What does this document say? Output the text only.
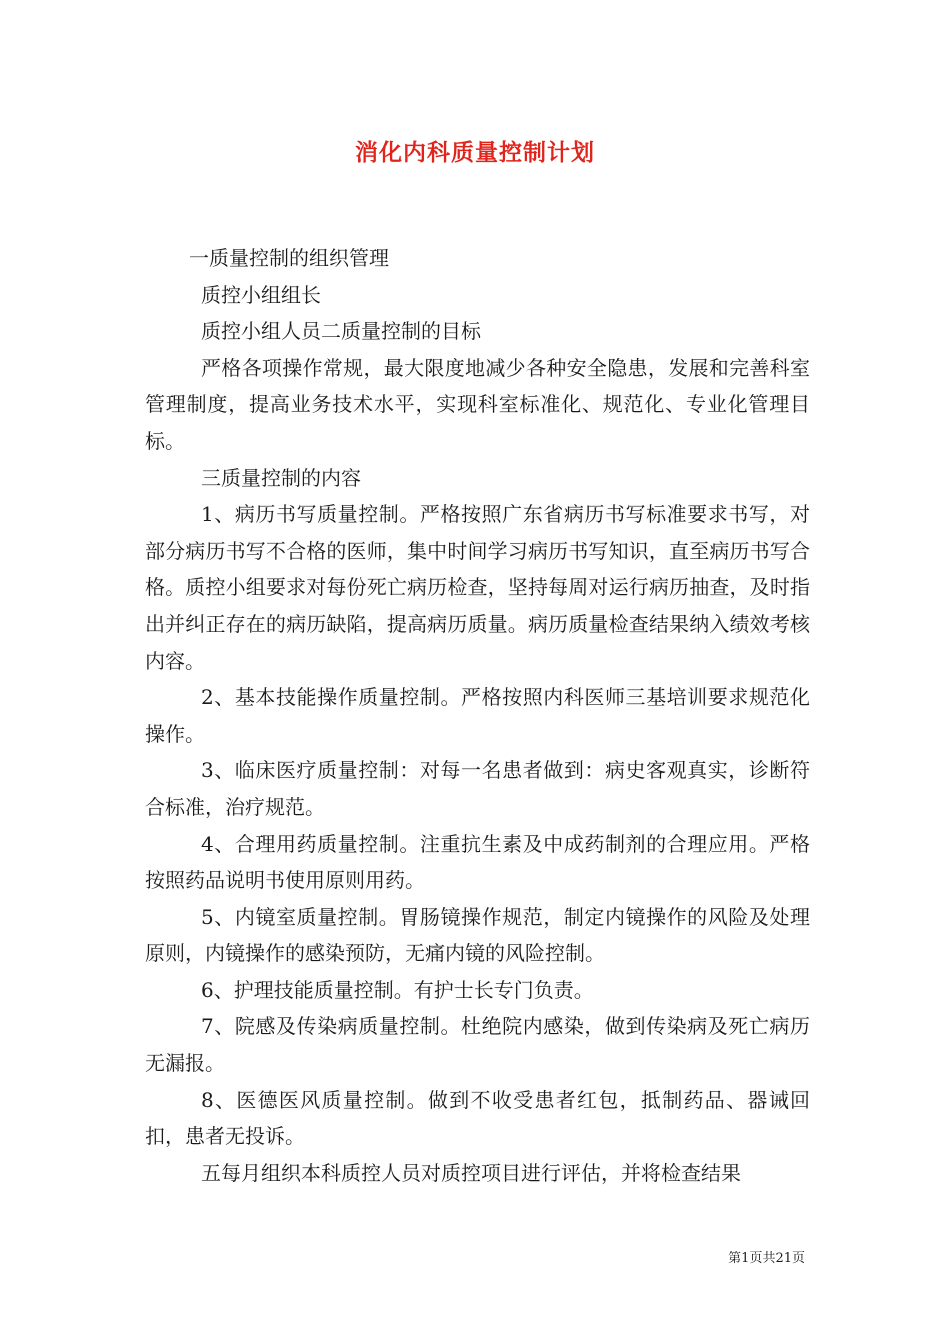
消化内科质量控制计划

一质量控制的组织管理

质控小组组长

质控小组人员二质量控制的目标

严格各项操作常规，最大限度地减少各种安全隐患，发展和完善科室管理制度，提高业务技术水平，实现科室标准化、规范化、专业化管理目标。

三质量控制的内容

1、病历书写质量控制。严格按照广东省病历书写标准要求书写，对部分病历书写不合格的医师，集中时间学习病历书写知识，直至病历书写合格。质控小组要求对每份死亡病历检查，坚持每周对运行病历抽查，及时指出并纠正存在的病历缺陷，提高病历质量。病历质量检查结果纳入绩效考核内容。

2、基本技能操作质量控制。严格按照内科医师三基培训要求规范化操作。

3、临床医疗质量控制：对每一名患者做到：病史客观真实，诊断符合标准，治疗规范。

4、合理用药质量控制。注重抗生素及中成药制剂的合理应用。严格按照药品说明书使用原则用药。

5、内镜室质量控制。胃肠镜操作规范，制定内镜操作的风险及处理原则，内镜操作的感染预防，无痛内镜的风险控制。

6、护理技能质量控制。有护士长专门负责。

7、院感及传染病质量控制。杜绝院内感染，做到传染病及死亡病历无漏报。

8、医德医风质量控制。做到不收受患者红包，抵制药品、器诫回扣，患者无投诉。

五每月组织本科质控人员对质控项目进行评估，并将检查结果

第1页共21页
